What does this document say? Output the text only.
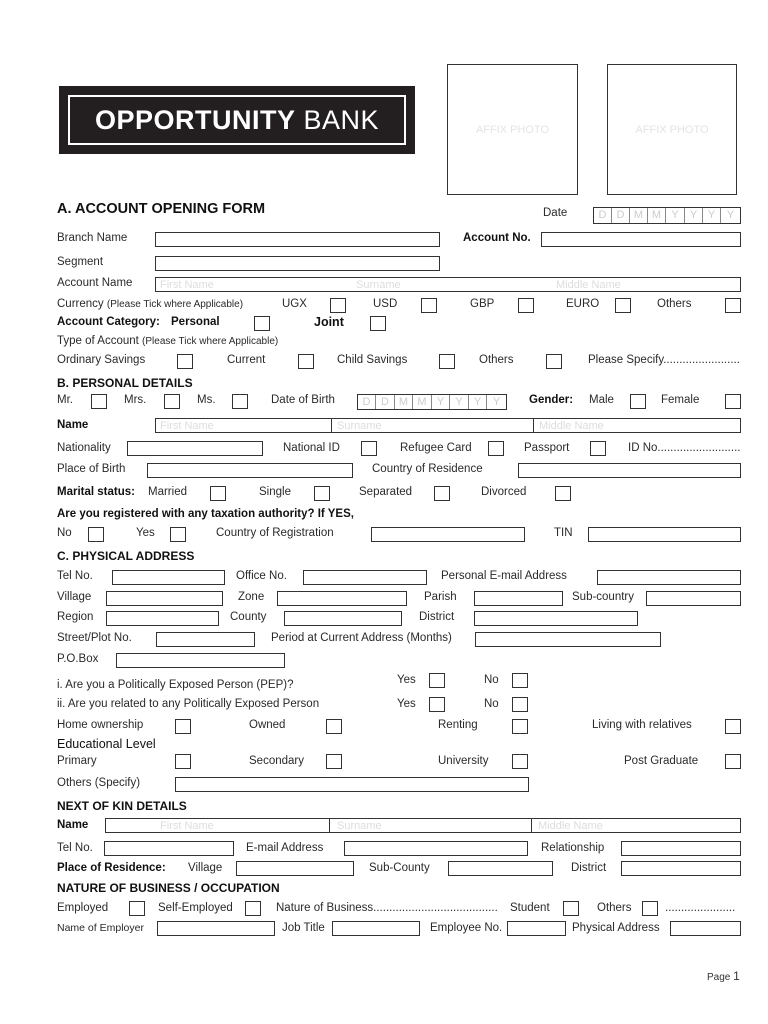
OPPORTUNITY BANK	AFFIX PHOTO	AFFIX PHOTO
A. ACCOUNT OPENING FORM	Date	D D M M Y	Y Y	Y
Branch Name	Account No.
Segment
Account Name	First Name	Surname	Middle Name
Currency (Please Tick where Applicable)	UGX	USD	GBP	EURO	Others
Account Category: Personal	Joint
Type of Account (Please Tick where Applicable)
Ordinary Savings	Current	Child Savings	Others	Please Specify........................
B. PERSONAL DETAILS
Mr.	Mrs.	Ms.	Date of Birth	D D M M Y	Y	Y	Y	Gender: Male	Female
Name	First Name	Surname	Middle Name
Nationality	National ID	Refugee Card	Passport	ID No..........................
Place of Birth	Country of Residence
Marital status: Married	Single	Separated	Divorced
Are you registered with any taxation authority? If YES,
No	Yes	Country of Registration	TIN
C. PHYSICAL ADDRESS
Tel No.	Office No.	Personal E-mail Address
Village	Zone	Parish	Sub-country
Region	County	District
Street/Plot No.	Period at Current Address (Months)
P.O.Box
i. Are you a Politically Exposed Person (PEP)?	Yes	No
ii. Are you related to any Politically Exposed Person	Yes	No
Home ownership	Owned	Renting	Living with relatives
Educational Level
Primary	Secondary	University	Post Graduate
Others (Specify)
NEXT OF KIN DETAILS
Name	First Name	Surname	Middle Name
Tel No.	E-mail Address	Relationship
Place of Residence: Village	Sub-County	District
NATURE OF BUSINESS / OCCUPATION
Employed	Self-Employed	Nature of Business....................................... Student	Others	......................
Name of Employer	Job Title	Employee No.	Physical Address
Page 1
